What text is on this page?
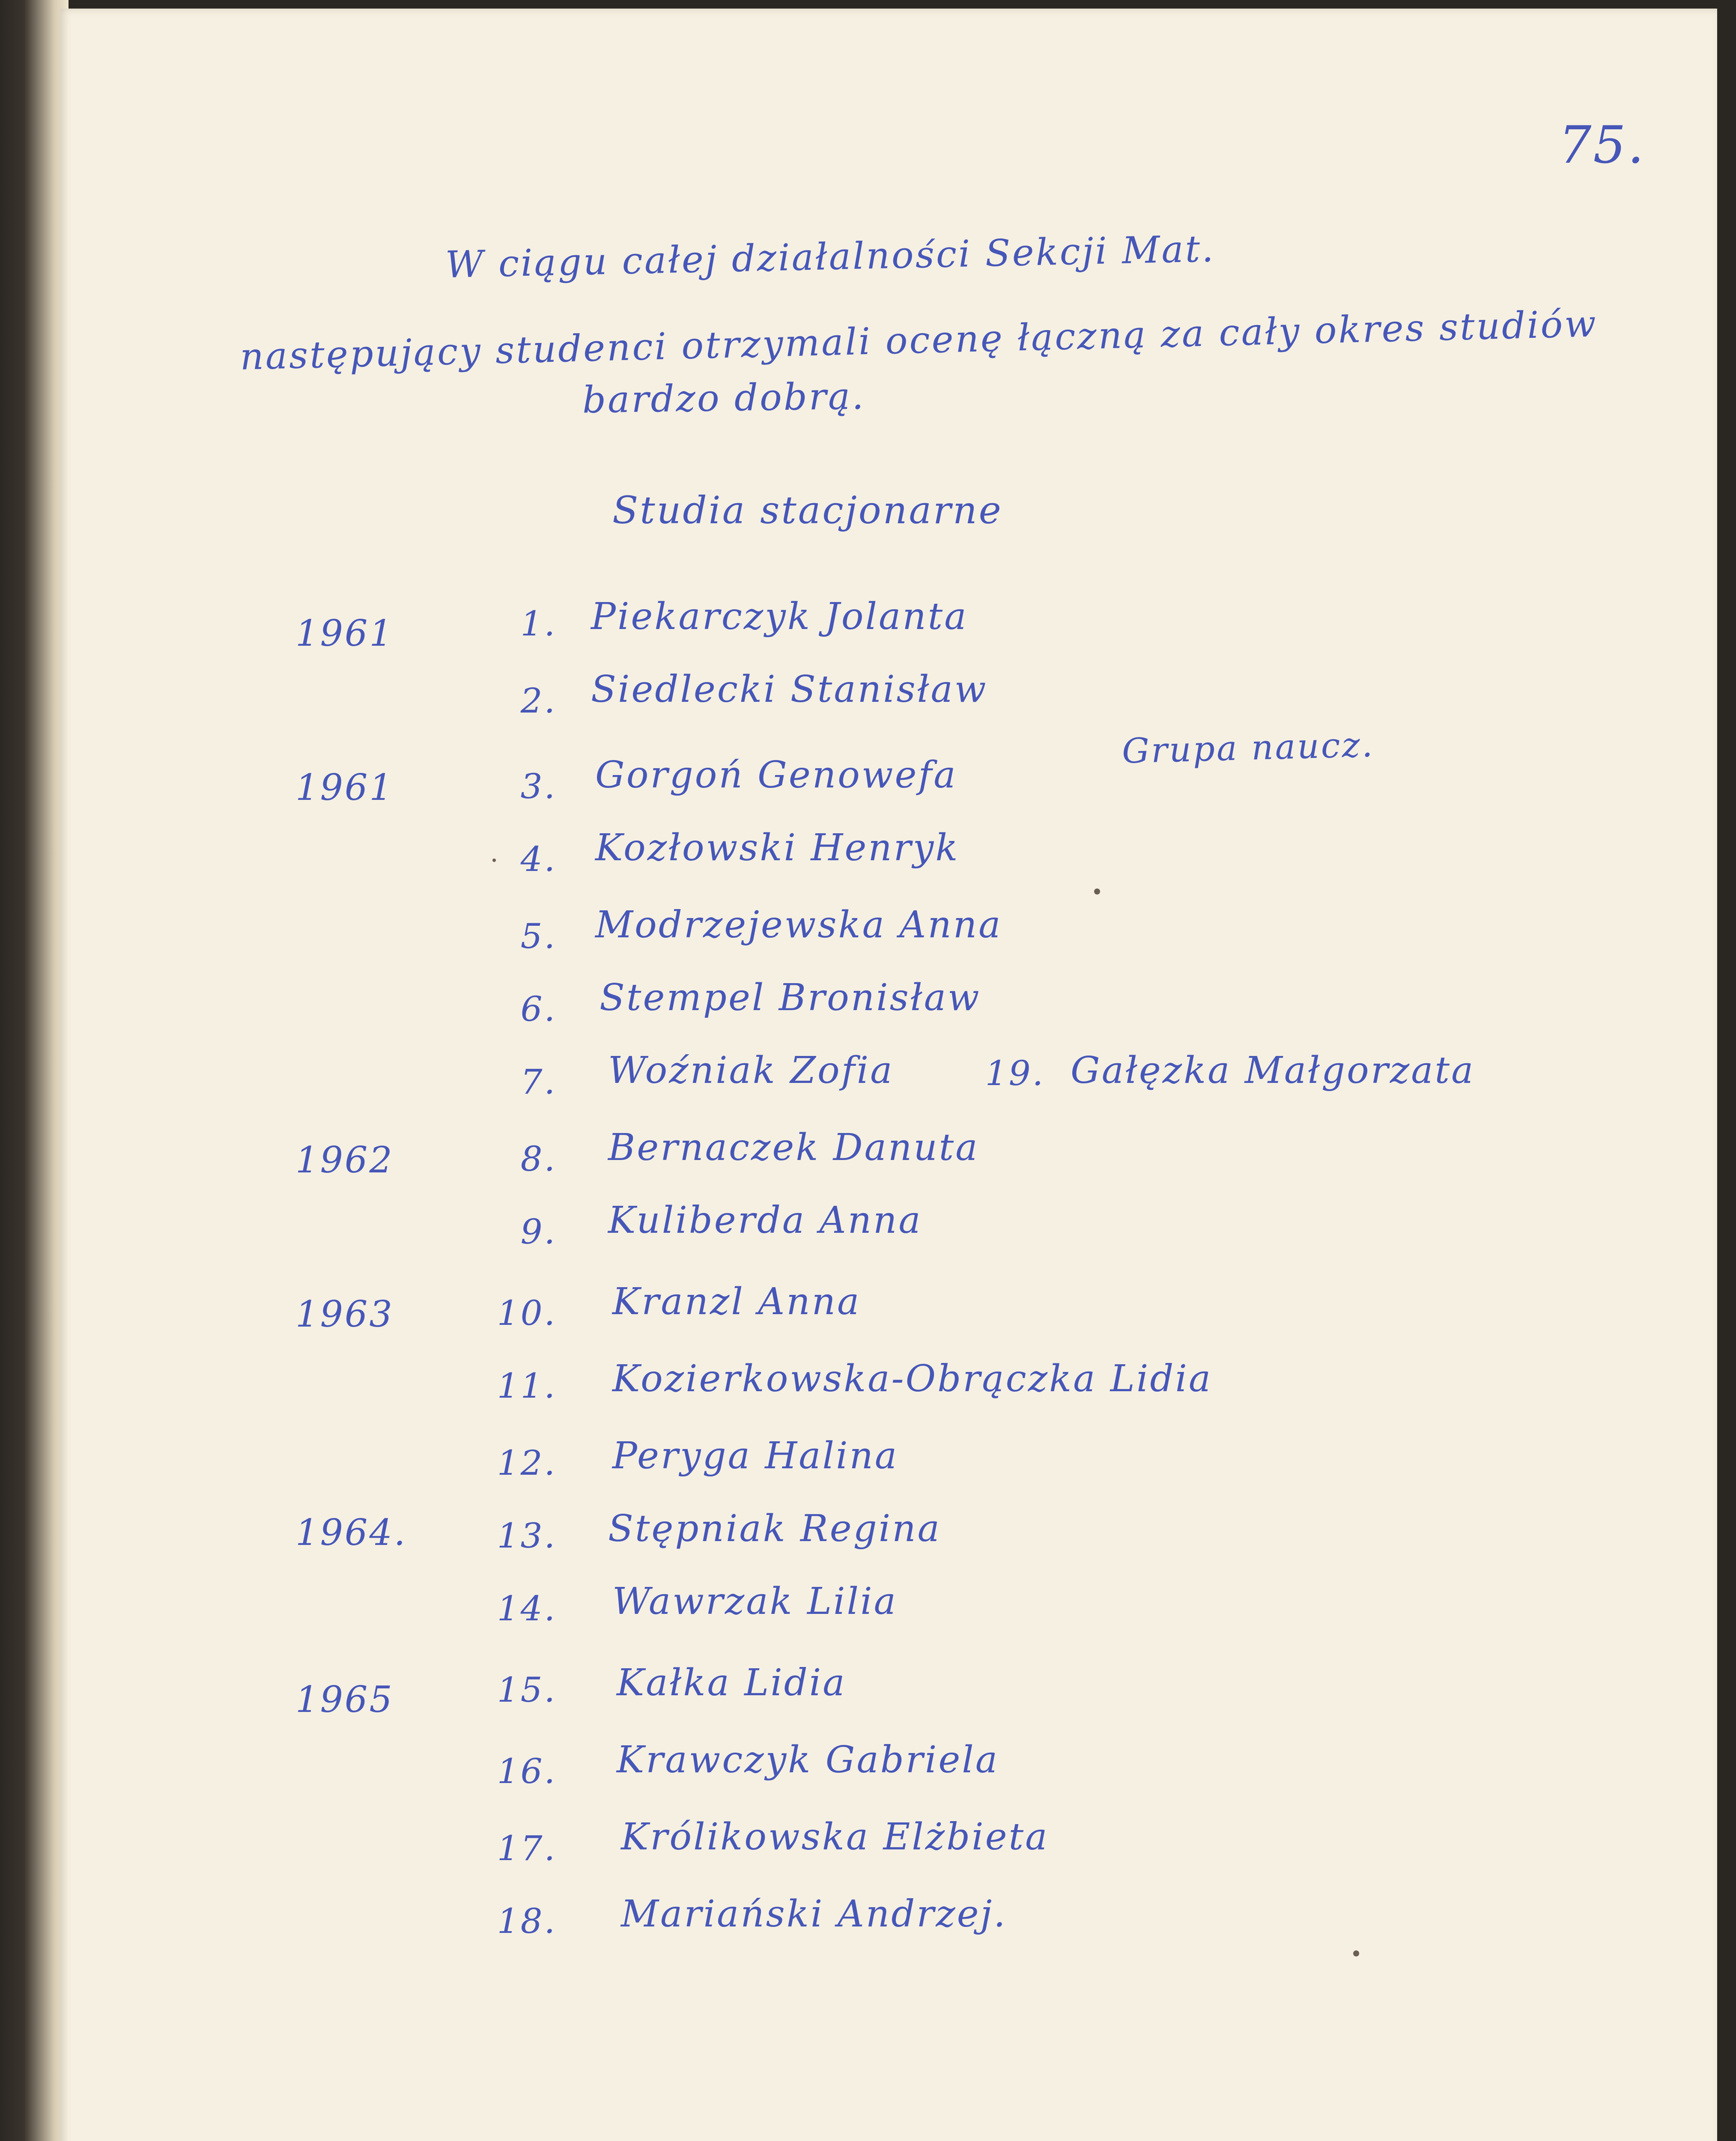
75.
W ciągu całej działalności Sekcji Mat.
następujący studenci otrzymali ocenę łączną za cały okres studiów
bardzo dobrą.
Studia stacjonarne
1961
1961
1962
1963
1964.
1965
1. Piekarczyk Jolanta
2. Siedlecki Stanisław
3. Gorgoń Genowefa
Grupa naucz.
4. Kozłowski Henryk
5. Modrzejewska Anna
6. Stempel Bronisław
7. Woźniak Zofia	19. Gałęzka Małgorzata
8. Bernaczek Danuta
9. Kuliberda Anna
10. Kranzl Anna
11. Kozierkowska-Obrączka Lidia
12. Peryga Halina
13. Stępniak Regina
14. Wawrzak Lilia
15. Kałka Lidia
16. Krawczyk Gabriela
17. Królikowska Elżbieta
18. Mariański Andrzej.
